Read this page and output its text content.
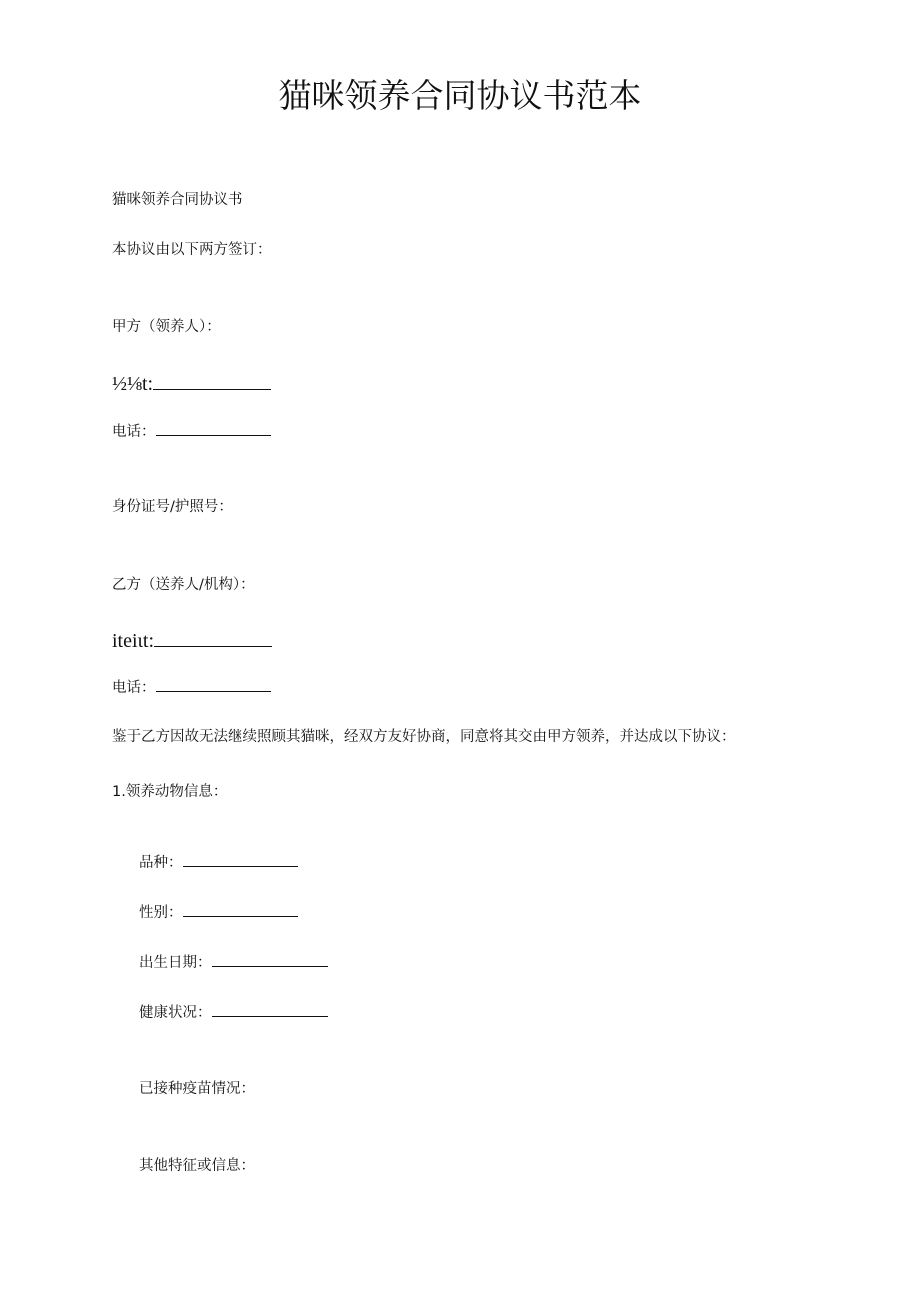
猫咪领养合同协议书范本
猫咪领养合同协议书
本协议由以下两方签订：
甲方（领养人）：
½⅛t:
电话：
身份证号/护照号：
乙方（送养人/机构）：
iteiιt:
电话：
鉴于乙方因故无法继续照顾其猫咪，经双方友好协商，同意将其交由甲方领养，并达成以下协议：
1.领养动物信息：
品种：
性别：
出生日期：
健康状况：
已接种疫苗情况：
其他特征或信息：
